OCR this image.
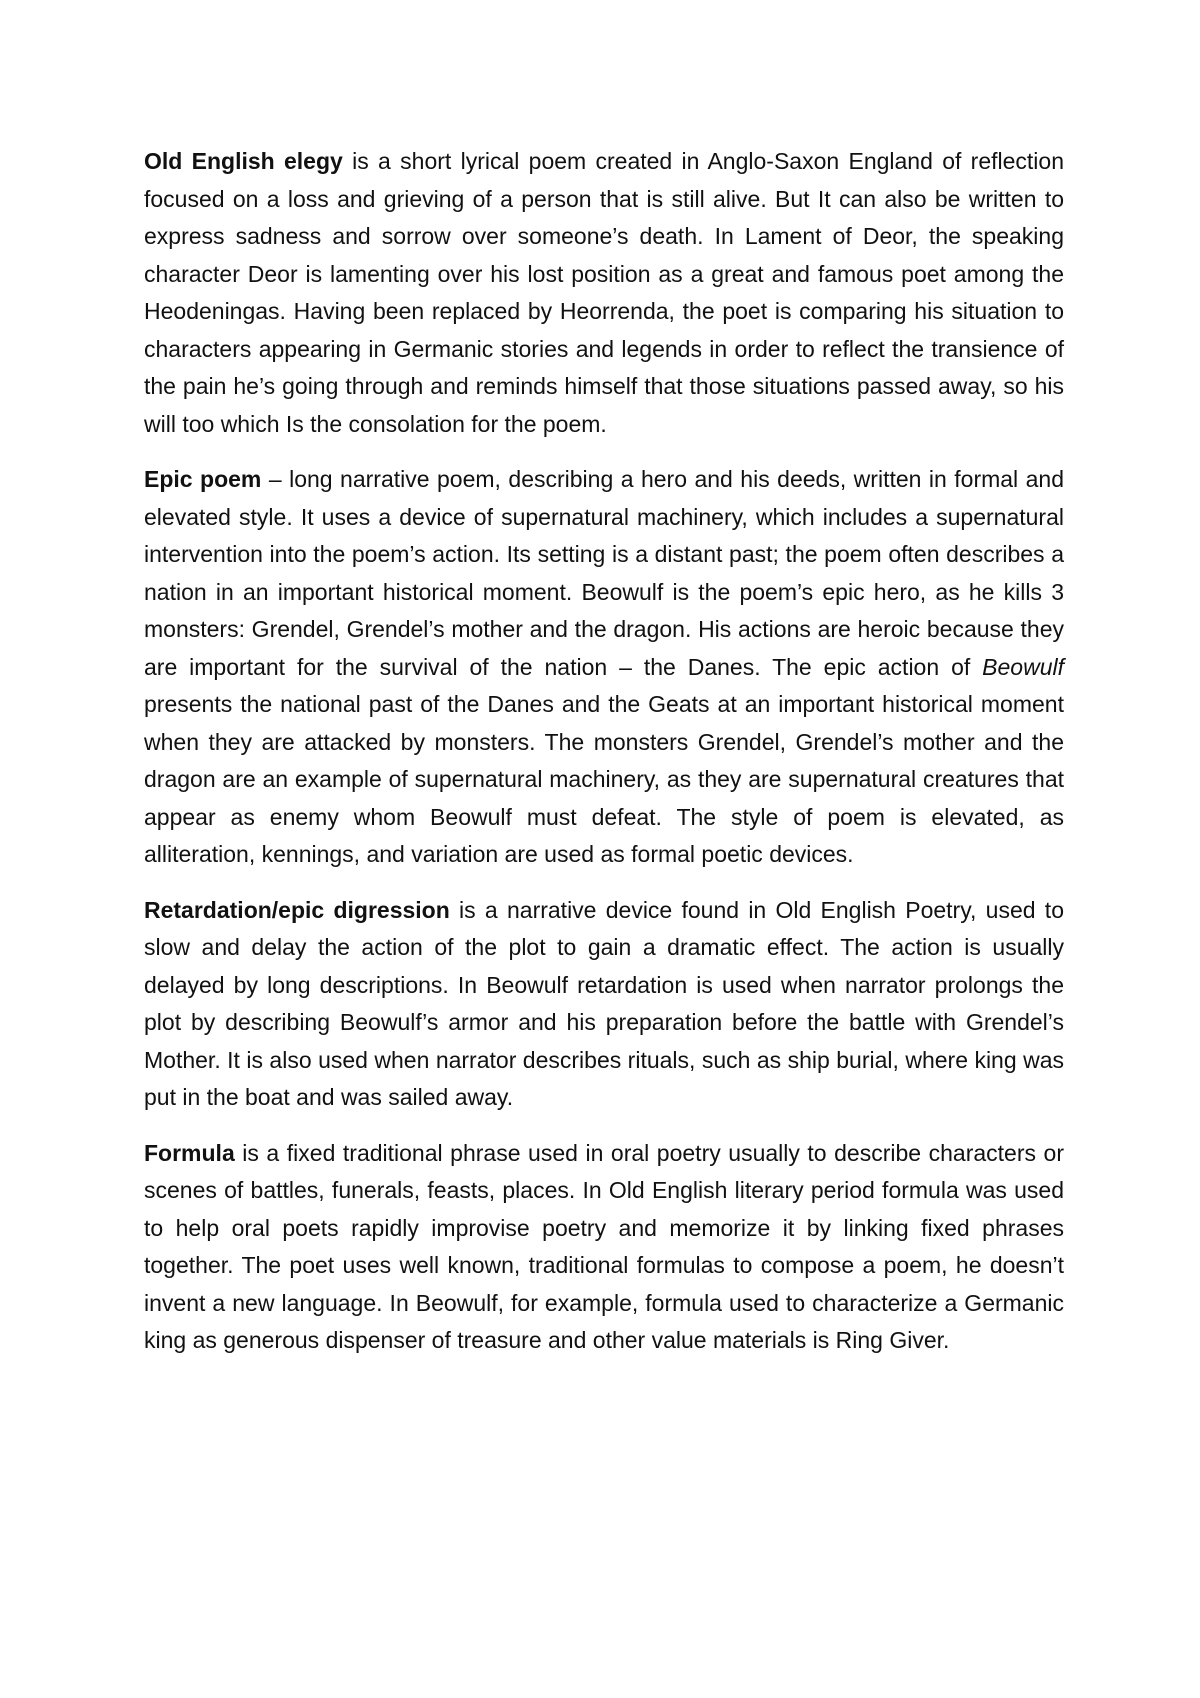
Old English elegy is a short lyrical poem created in Anglo-Saxon England of reflection focused on a loss and grieving of a person that is still alive. But It can also be written to express sadness and sorrow over someone’s death. In Lament of Deor, the speaking character Deor is lamenting over his lost position as a great and famous poet among the Heodeningas. Having been replaced by Heorrenda, the poet is comparing his situation to characters appearing in Germanic stories and legends in order to reflect the transience of the pain he’s going through and reminds himself that those situations passed away, so his will too which Is the consolation for the poem.

Epic poem – long narrative poem, describing a hero and his deeds, written in formal and elevated style. It uses a device of supernatural machinery, which includes a supernatural intervention into the poem’s action. Its setting is a distant past; the poem often describes a nation in an important historical moment. Beowulf is the poem’s epic hero, as he kills 3 monsters: Grendel, Grendel’s mother and the dragon. His actions are heroic because they are important for the survival of the nation – the Danes. The epic action of Beowulf presents the national past of the Danes and the Geats at an important historical moment when they are attacked by monsters. The monsters Grendel, Grendel’s mother and the dragon are an example of supernatural machinery, as they are supernatural creatures that appear as enemy whom Beowulf must defeat. The style of poem is elevated, as alliteration, kennings, and variation are used as formal poetic devices.

Retardation/epic digression is a narrative device found in Old English Poetry, used to slow and delay the action of the plot to gain a dramatic effect. The action is usually delayed by long descriptions. In Beowulf retardation is used when narrator prolongs the plot by describing Beowulf’s armor and his preparation before the battle with Grendel’s Mother. It is also used when narrator describes rituals, such as ship burial, where king was put in the boat and was sailed away.

Formula is a fixed traditional phrase used in oral poetry usually to describe characters or scenes of battles, funerals, feasts, places. In Old English literary period formula was used to help oral poets rapidly improvise poetry and memorize it by linking fixed phrases together. The poet uses well known, traditional formulas to compose a poem, he doesn’t invent a new language. In Beowulf, for example, formula used to characterize a Germanic king as generous dispenser of treasure and other value materials is Ring Giver.
